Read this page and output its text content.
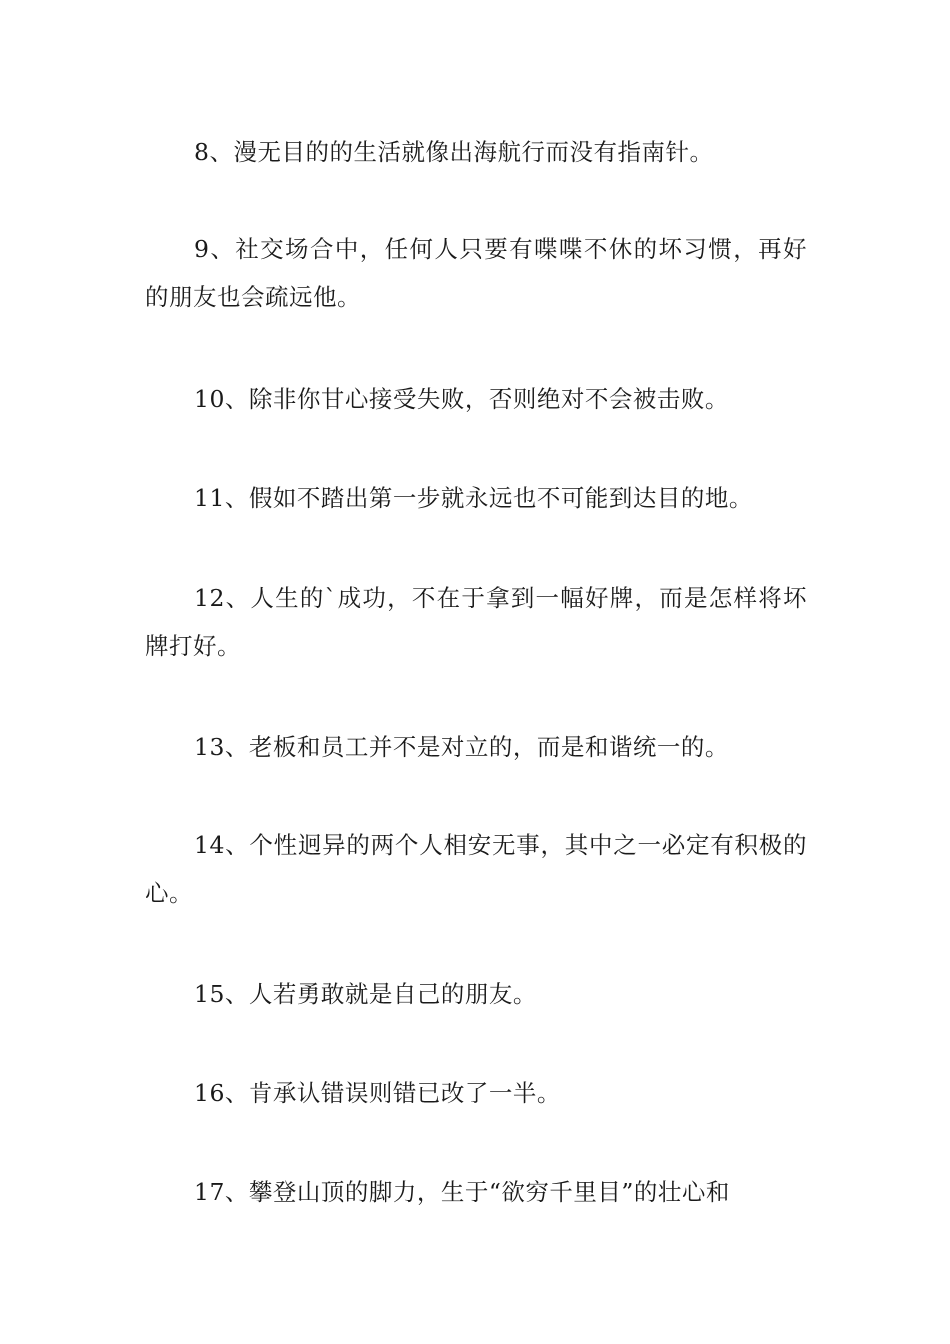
8、漫无目的的生活就像出海航行而没有指南针。

9、社交场合中，任何人只要有喋喋不休的坏习惯，再好的朋友也会疏远他。

10、除非你甘心接受失败，否则绝对不会被击败。

11、假如不踏出第一步就永远也不可能到达目的地。

12、人生的`成功，不在于拿到一幅好牌，而是怎样将坏牌打好。

13、老板和员工并不是对立的，而是和谐统一的。

14、个性迥异的两个人相安无事，其中之一必定有积极的心。

15、人若勇敢就是自己的朋友。

16、肯承认错误则错已改了一半。

17、攀登山顶的脚力，生于“欲穷千里目”的壮心和
